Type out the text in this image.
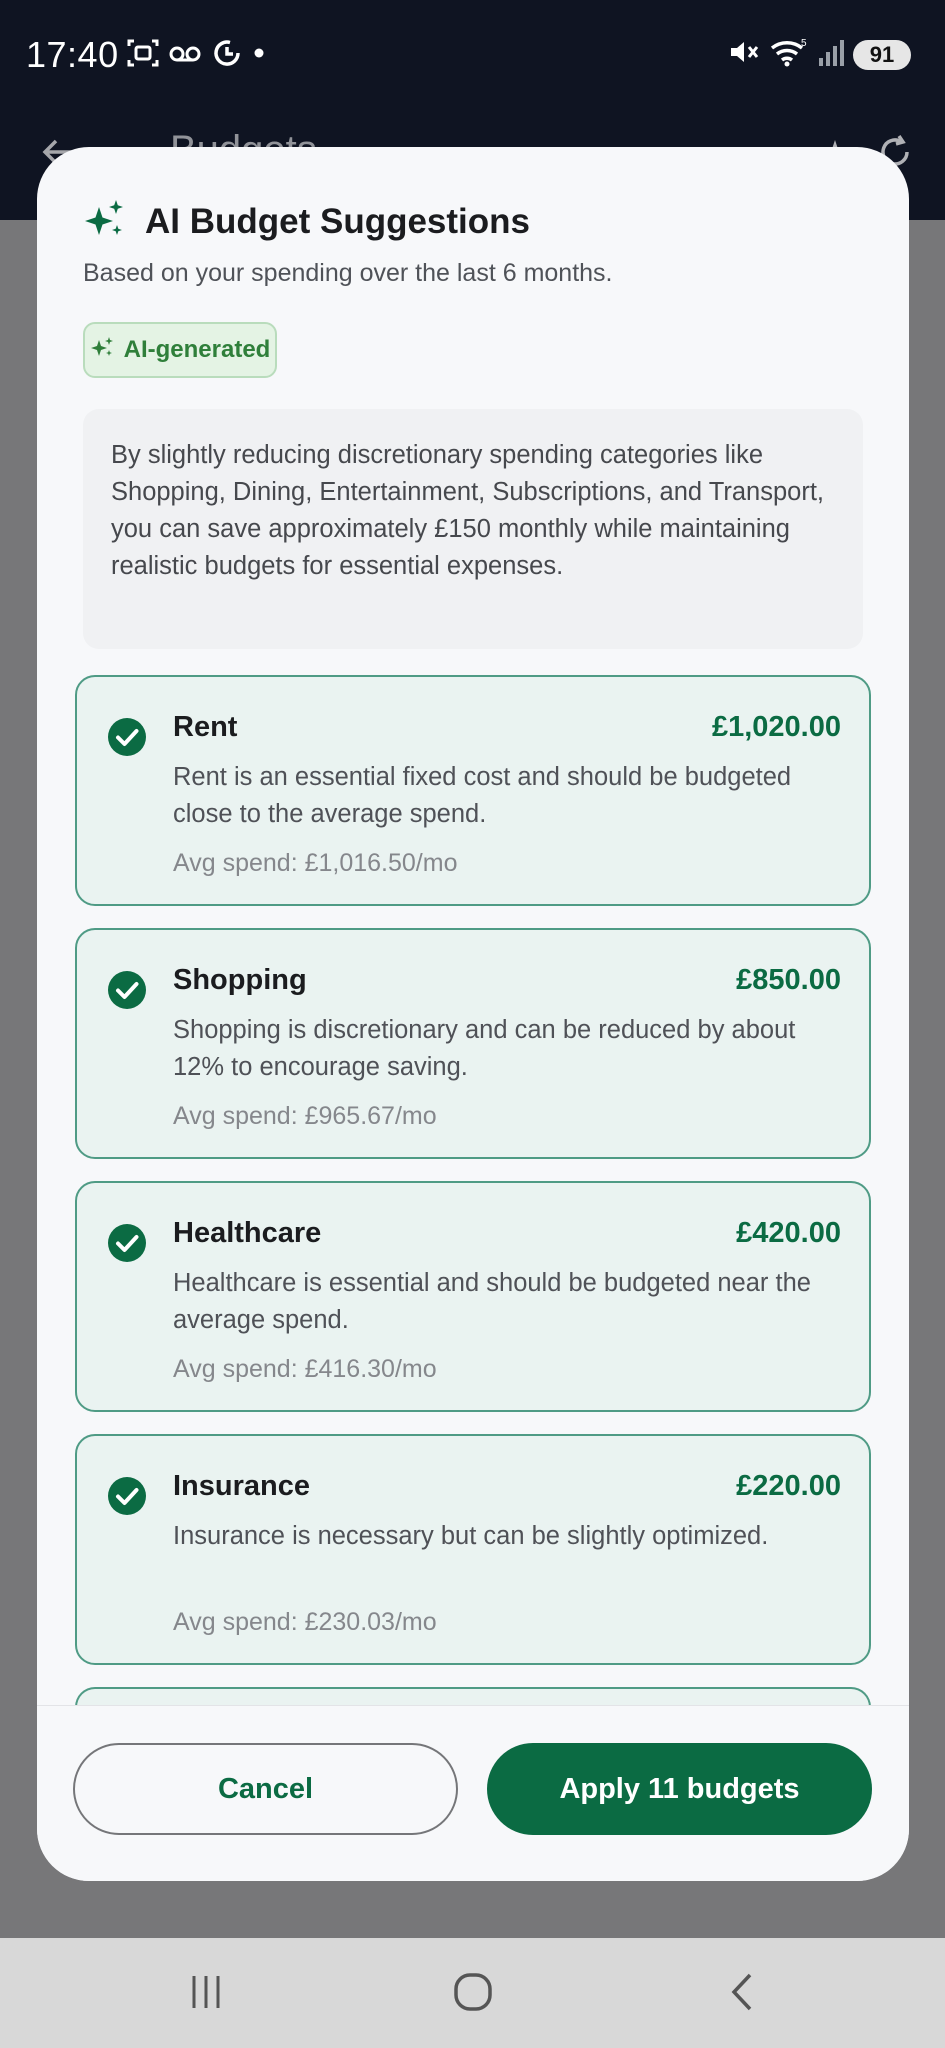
17:40	5	91
AI Budget Suggestions
Based on your spending over the last 6 months.
AI-generated
By slightly reducing discretionary spending categories like Shopping, Dining, Entertainment, Subscriptions, and Transport, you can save approximately £150 monthly while maintaining realistic budgets for essential expenses.
Rent	£1,020.00
Rent is an essential fixed cost and should be budgeted close to the average spend.
Avg spend: £1,016.50/mo
Shopping	£850.00
Shopping is discretionary and can be reduced by about 12% to encourage saving.
Avg spend: £965.67/mo
Healthcare	£420.00
Healthcare is essential and should be budgeted near the average spend.
Avg spend: £416.30/mo
Insurance	£220.00
Insurance is necessary but can be slightly optimized.
Avg spend: £230.03/mo
Cancel	Apply 11 budgets
